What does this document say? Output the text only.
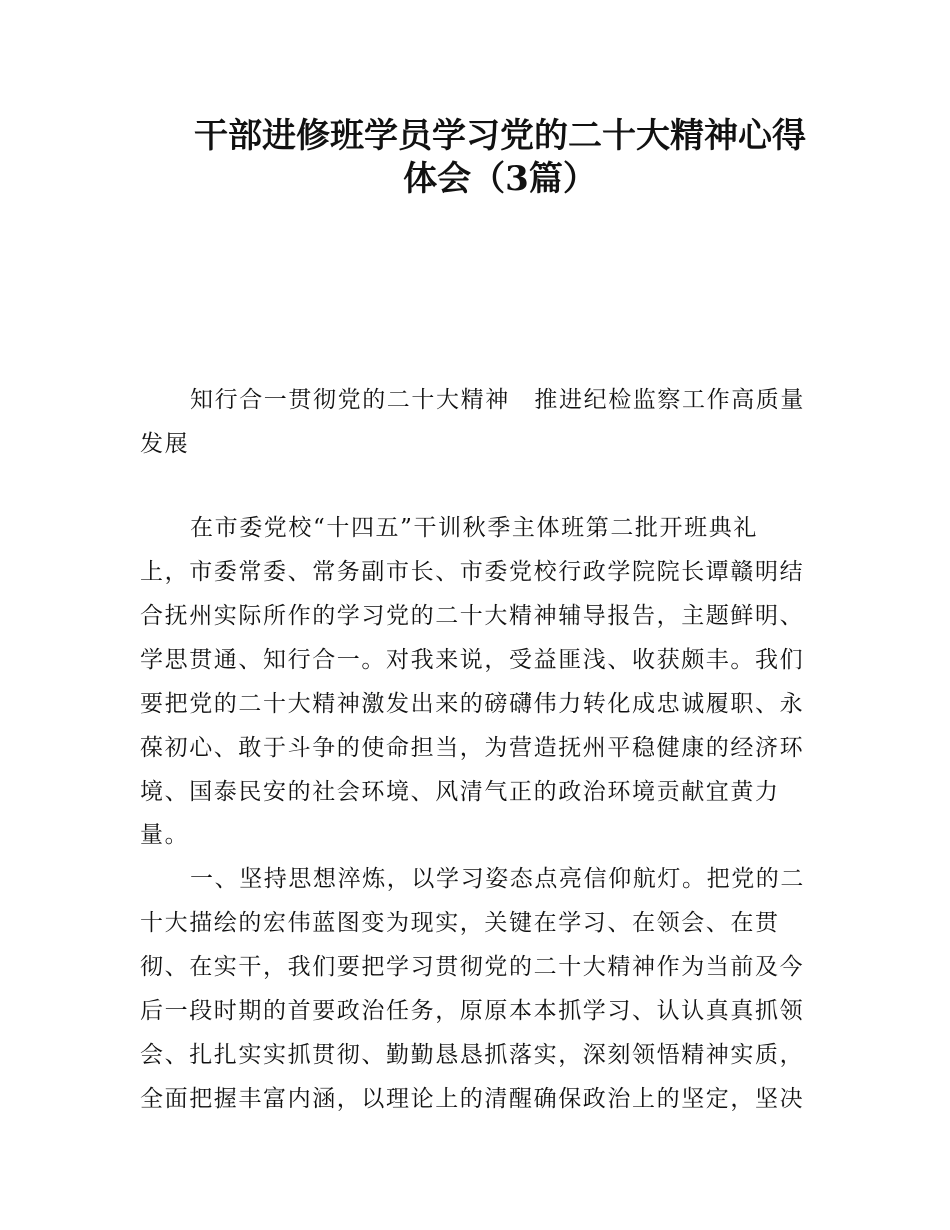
干部进修班学员学习党的二十大精神心得
体会（3篇）
知行合一贯彻党的二十大精神　推进纪检监察工作高质量
发展
在市委党校“十四五”干训秋季主体班第二批开班典礼
上，市委常委、常务副市长、市委党校行政学院院长谭赣明结
合抚州实际所作的学习党的二十大精神辅导报告，主题鲜明、
学思贯通、知行合一。对我来说，受益匪浅、收获颇丰。我们
要把党的二十大精神激发出来的磅礴伟力转化成忠诚履职、永
葆初心、敢于斗争的使命担当，为营造抚州平稳健康的经济环
境、国泰民安的社会环境、风清气正的政治环境贡献宜黄力
量。
一、坚持思想淬炼，以学习姿态点亮信仰航灯。把党的二
十大描绘的宏伟蓝图变为现实，关键在学习、在领会、在贯
彻、在实干，我们要把学习贯彻党的二十大精神作为当前及今
后一段时期的首要政治任务，原原本本抓学习、认认真真抓领
会、扎扎实实抓贯彻、勤勤恳恳抓落实，深刻领悟精神实质，
全面把握丰富内涵，以理论上的清醒确保政治上的坚定，坚决
